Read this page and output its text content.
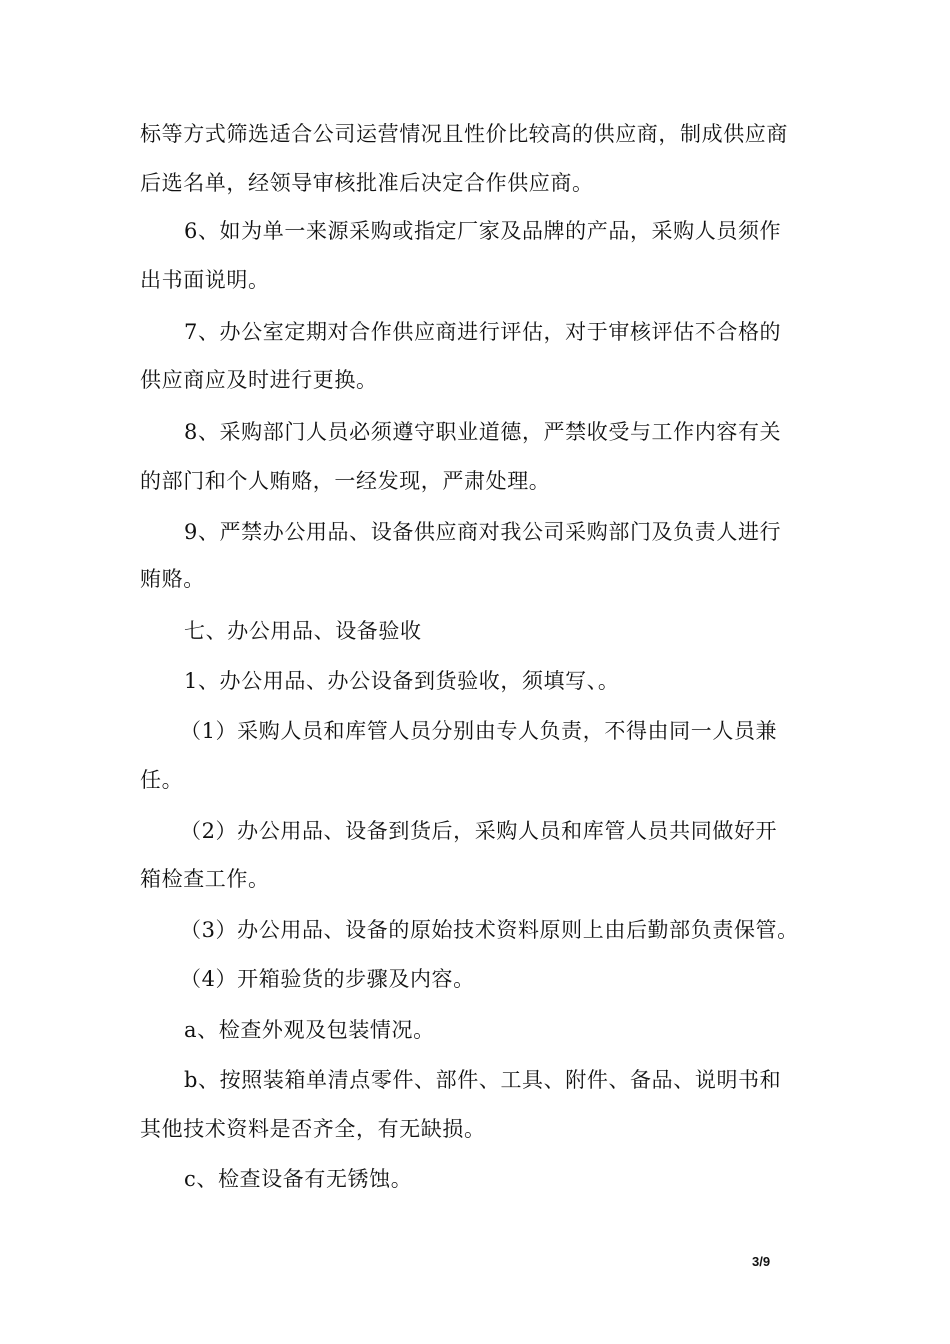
标等方式筛选适合公司运营情况且性价比较高的供应商，制成供应商
后选名单，经领导审核批准后决定合作供应商。
6、如为单一来源采购或指定厂家及品牌的产品，采购人员须作
出书面说明。
7、办公室定期对合作供应商进行评估，对于审核评估不合格的
供应商应及时进行更换。
8、采购部门人员必须遵守职业道德，严禁收受与工作内容有关
的部门和个人贿赂，一经发现，严肃处理。
9、严禁办公用品、设备供应商对我公司采购部门及负责人进行
贿赂。
七、办公用品、设备验收
1、办公用品、办公设备到货验收，须填写、。
（1）采购人员和库管人员分别由专人负责，不得由同一人员兼
任。
（2）办公用品、设备到货后，采购人员和库管人员共同做好开
箱检查工作。
（3）办公用品、设备的原始技术资料原则上由后勤部负责保管。
（4）开箱验货的步骤及内容。
a、检查外观及包装情况。
b、按照装箱单清点零件、部件、工具、附件、备品、说明书和
其他技术资料是否齐全，有无缺损。
c、检查设备有无锈蚀。
3/9
